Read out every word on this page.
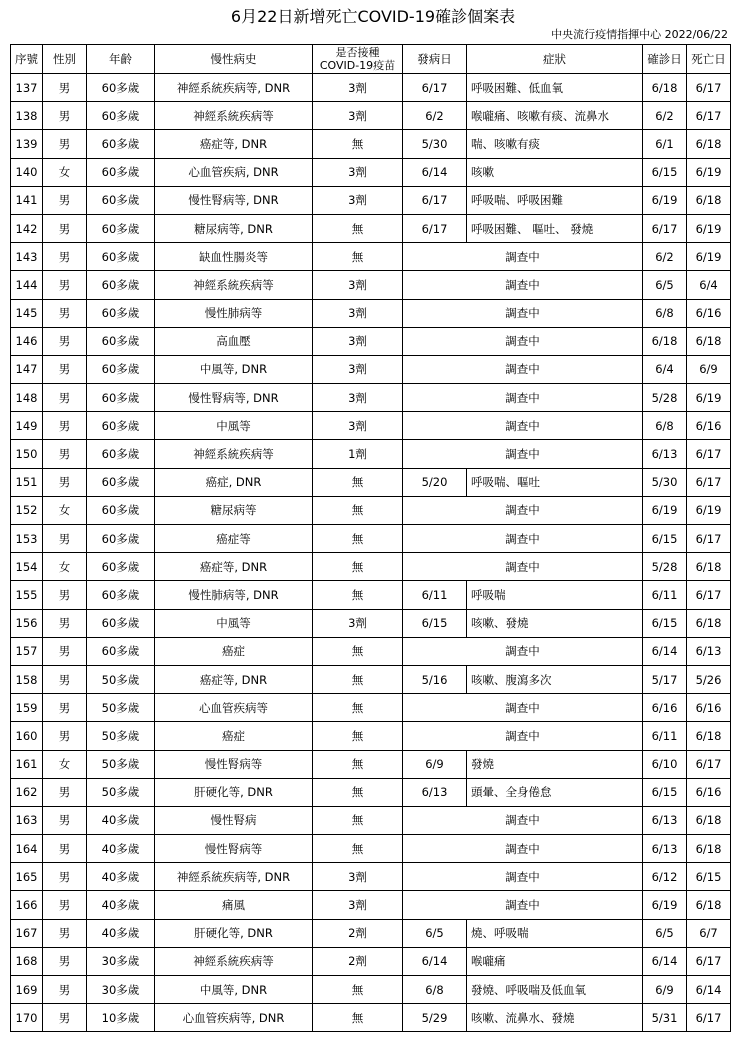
6月22日新增死亡COVID-19確診個案表
中央流行疫情指揮中心 2022/06/22
序號	性別	年齡	慢性病史	是否接種COVID-19疫苗	發病日	症狀	確診日	死亡日
137	男	60多歲	神經系統疾病等, DNR	3劑	6/17	呼吸困難、低血氧	6/18	6/17
138	男	60多歲	神經系統疾病等	3劑	6/2	喉嚨痛、咳嗽有痰、流鼻水	6/2	6/17
139	男	60多歲	癌症等, DNR	無	5/30	喘、咳嗽有痰	6/1	6/18
140	女	60多歲	心血管疾病, DNR	3劑	6/14	咳嗽	6/15	6/19
141	男	60多歲	慢性腎病等, DNR	3劑	6/17	呼吸喘、呼吸困難	6/19	6/18
142	男	60多歲	糖尿病等, DNR	無	6/17	呼吸困難、 嘔吐、 發燒	6/17	6/19
143	男	60多歲	缺血性腸炎等	無	調查中		6/2	6/19
144	男	60多歲	神經系統疾病等	3劑	調查中		6/5	6/4
145	男	60多歲	慢性肺病等	3劑	調查中		6/8	6/16
146	男	60多歲	高血壓	3劑	調查中		6/18	6/18
147	男	60多歲	中風等, DNR	3劑	調查中		6/4	6/9
148	男	60多歲	慢性腎病等, DNR	3劑	調查中		5/28	6/19
149	男	60多歲	中風等	3劑	調查中		6/8	6/16
150	男	60多歲	神經系統疾病等	1劑	調查中		6/13	6/17
151	男	60多歲	癌症, DNR	無	5/20	呼吸喘、嘔吐	5/30	6/17
152	女	60多歲	糖尿病等	無	調查中		6/19	6/19
153	男	60多歲	癌症等	無	調查中		6/15	6/17
154	女	60多歲	癌症等, DNR	無	調查中		5/28	6/18
155	男	60多歲	慢性肺病等, DNR	無	6/11	呼吸喘	6/11	6/17
156	男	60多歲	中風等	3劑	6/15	咳嗽、發燒	6/15	6/18
157	男	60多歲	癌症	無	調查中		6/14	6/13
158	男	50多歲	癌症等, DNR	無	5/16	咳嗽、腹瀉多次	5/17	5/26
159	男	50多歲	心血管疾病等	無	調查中		6/16	6/16
160	男	50多歲	癌症	無	調查中		6/11	6/18
161	女	50多歲	慢性腎病等	無	6/9	發燒	6/10	6/17
162	男	50多歲	肝硬化等, DNR	無	6/13	頭暈、全身倦怠	6/15	6/16
163	男	40多歲	慢性腎病	無	調查中		6/13	6/18
164	男	40多歲	慢性腎病等	無	調查中		6/13	6/18
165	男	40多歲	神經系統疾病等, DNR	3劑	調查中		6/12	6/15
166	男	40多歲	痛風	3劑	調查中		6/19	6/18
167	男	40多歲	肝硬化等, DNR	2劑	6/5	燒、呼吸喘	6/5	6/7
168	男	30多歲	神經系統疾病等	2劑	6/14	喉嚨痛	6/14	6/17
169	男	30多歲	中風等, DNR	無	6/8	發燒、呼吸喘及低血氧	6/9	6/14
170	男	10多歲	心血管疾病等, DNR	無	5/29	咳嗽、流鼻水、發燒	5/31	6/17
